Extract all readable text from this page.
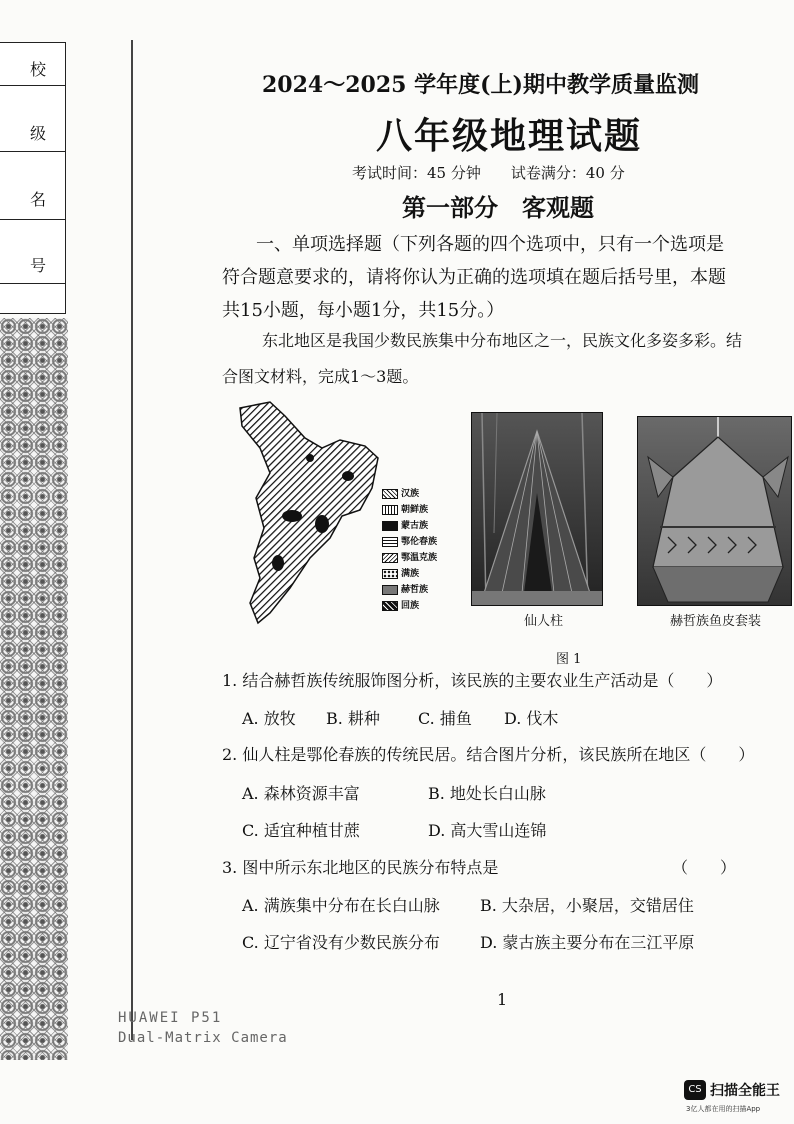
校
级
名
号
2024～2025 学年度(上)期中教学质量监测
八年级地理试题
考试时间：45 分钟　　试卷满分：40 分
第一部分　客观题
一、单项选择题（下列各题的四个选项中，只有一个选项是
符合题意要求的，请将你认为正确的选项填在题后括号里，本题
共15小题，每小题1分，共15分。）
东北地区是我国少数民族集中分布地区之一，民族文化多姿多彩。结
合图文材料，完成1～3题。
汉族
朝鲜族
蒙古族
鄂伦春族
鄂温克族
满族
赫哲族
回族
仙人柱	赫哲族鱼皮套装
图 1
1. 结合赫哲族传统服饰图分析，该民族的主要农业生产活动是（　　）
A. 放牧 B. 耕种 C. 捕鱼 D. 伐木
2. 仙人柱是鄂伦春族的传统民居。结合图片分析，该民族所在地区（　　）
A. 森林资源丰富	B. 地处长白山脉
C. 适宜种植甘蔗	D. 高大雪山连锦
3. 图中所示东北地区的民族分布特点是	（　　）
A. 满族集中分布在长白山脉	B. 大杂居，小聚居，交错居住
C. 辽宁省没有少数民族分布	D. 蒙古族主要分布在三江平原
1
HUAWEI P51
Dual-Matrix Camera
CS 扫描全能王
3亿人都在用的扫描App
